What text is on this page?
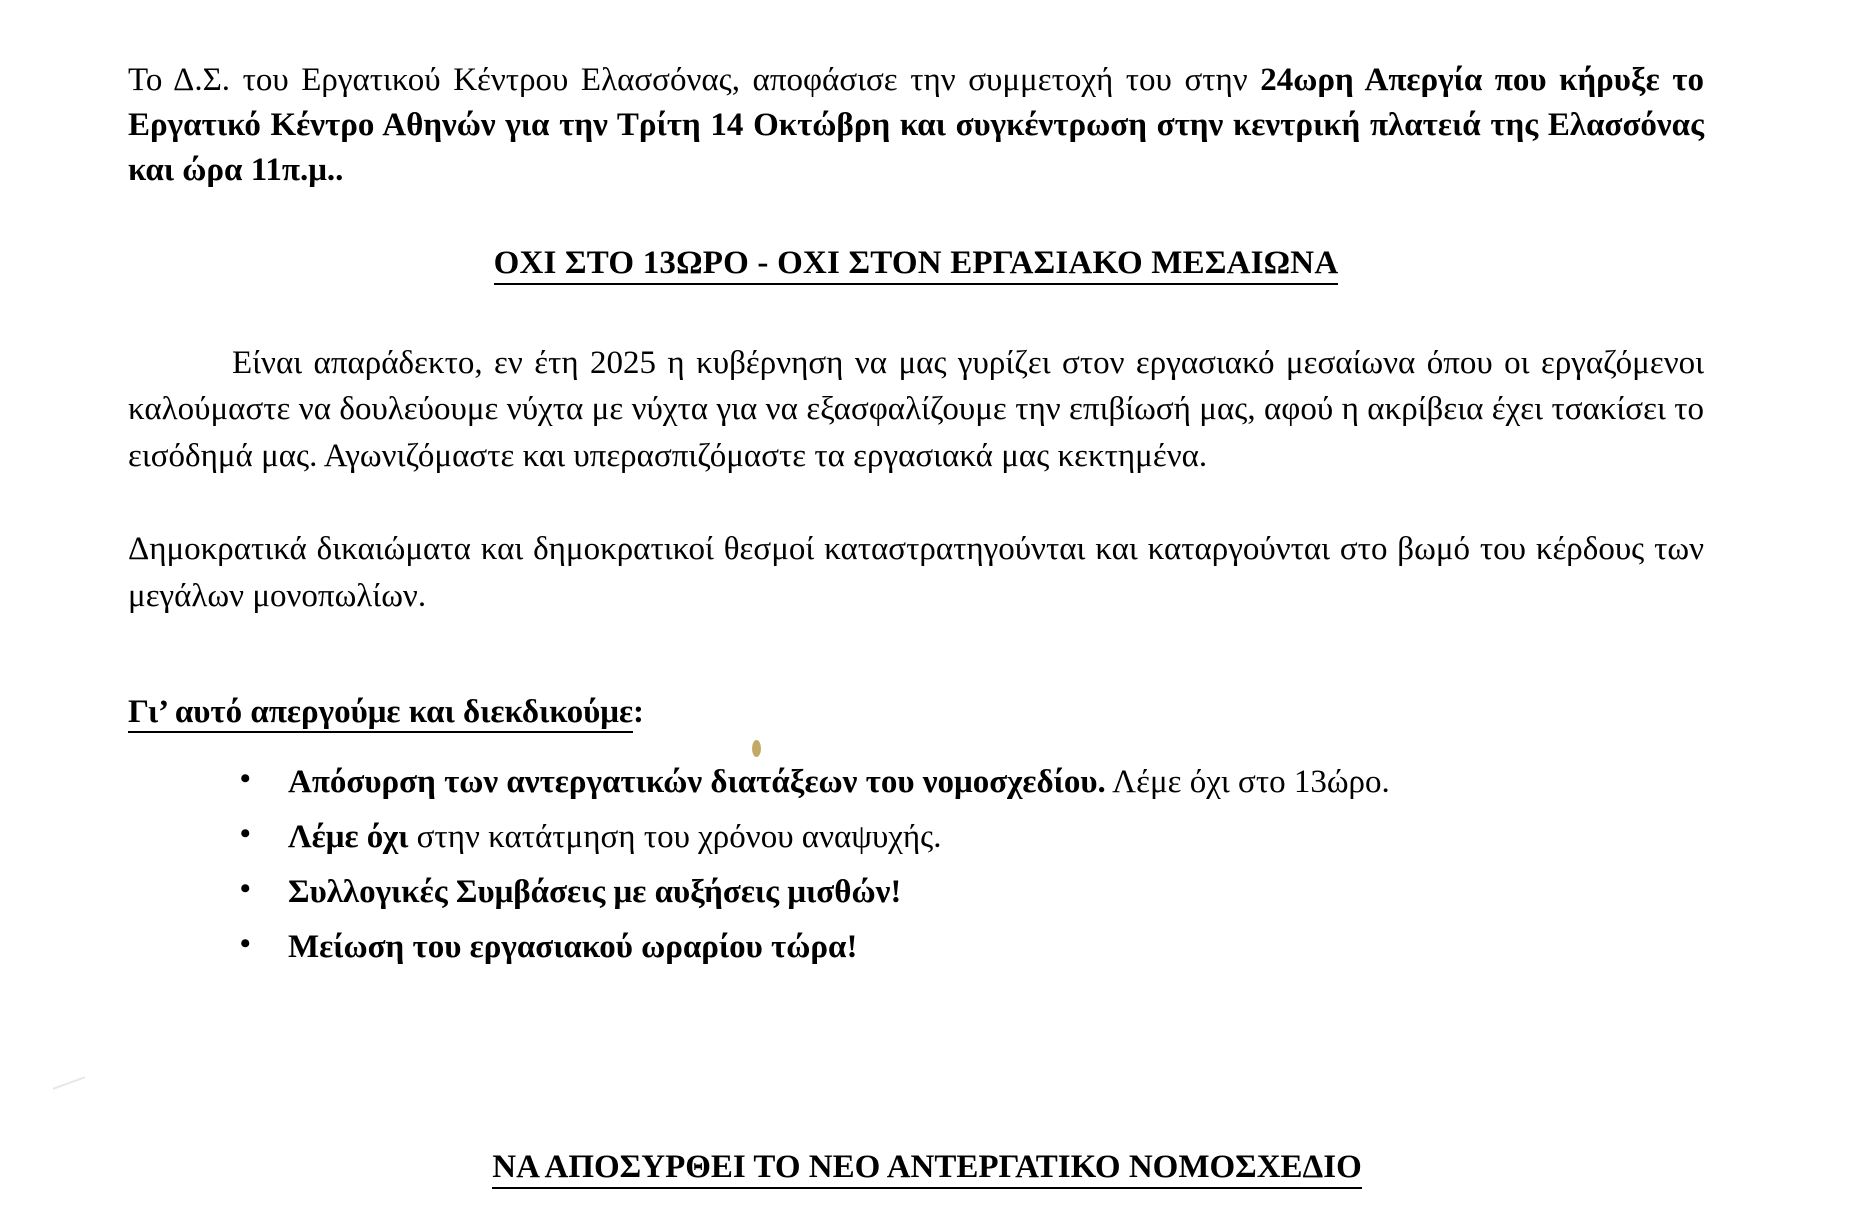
Το Δ.Σ. του Εργατικού Κέντρου Ελασσόνας, αποφάσισε την συμμετοχή του στην 24ωρη Απεργία που κήρυξε το Εργατικό Κέντρο Αθηνών για την Τρίτη 14 Οκτώβρη και συγκέντρωση στην κεντρική πλατειά της Ελασσόνας και ώρα 11π.μ..

ΟΧΙ ΣΤΟ 13ΩΡΟ - ΟΧΙ ΣΤΟΝ ΕΡΓΑΣΙΑΚΟ ΜΕΣΑΙΩΝΑ

Είναι απαράδεκτο, εν έτη 2025 η κυβέρνηση να μας γυρίζει στον εργασιακό μεσαίωνα όπου οι εργαζόμενοι καλούμαστε να δουλεύουμε νύχτα με νύχτα για να εξασφαλίζουμε την επιβίωσή μας, αφού η ακρίβεια έχει τσακίσει το εισόδημά μας. Αγωνιζόμαστε και υπερασπιζόμαστε τα εργασιακά μας κεκτημένα.

Δημοκρατικά δικαιώματα και δημοκρατικοί θεσμοί καταστρατηγούνται και καταργούνται στο βωμό του κέρδους των μεγάλων μονοπωλίων.

Γι’ αυτό απεργούμε και διεκδικούμε:

• Απόσυρση των αντεργατικών διατάξεων του νομοσχεδίου. Λέμε όχι στο 13ώρο.
• Λέμε όχι στην κατάτμηση του χρόνου αναψυχής.
• Συλλογικές Συμβάσεις με αυξήσεις μισθών!
• Μείωση του εργασιακού ωραρίου τώρα!
ΝΑ ΑΠΟΣΥΡΘΕΙ ΤΟ ΝΕΟ ΑΝΤΕΡΓΑΤΙΚΟ ΝΟΜΟΣΧΕΔΙΟ
